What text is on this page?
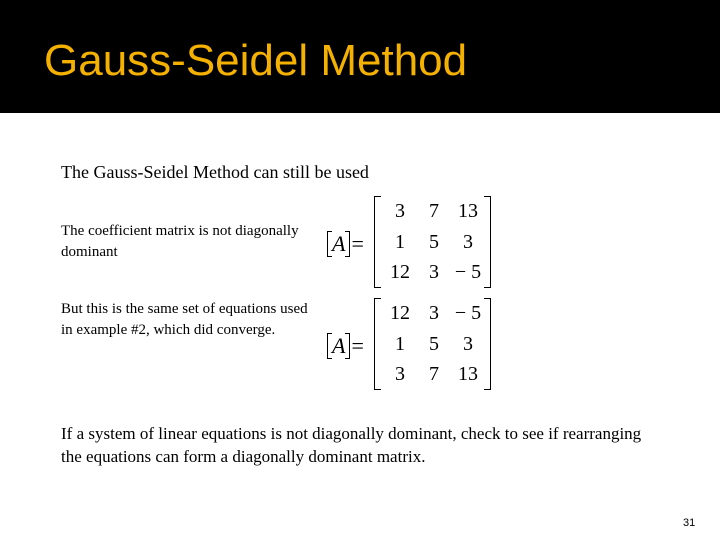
Gauss-Seidel Method
The Gauss-Seidel Method can still be used
The coefficient matrix is not diagonally dominant	A =
3	7 13
1	5	3
12 3 − 5
But this is the same set of equations used in example #2, which did converge.
A =
12 3 − 5
1	5	3
3	7 13
If a system of linear equations is not diagonally dominant, check to see if rearranging the equations can form a diagonally dominant matrix.
31
